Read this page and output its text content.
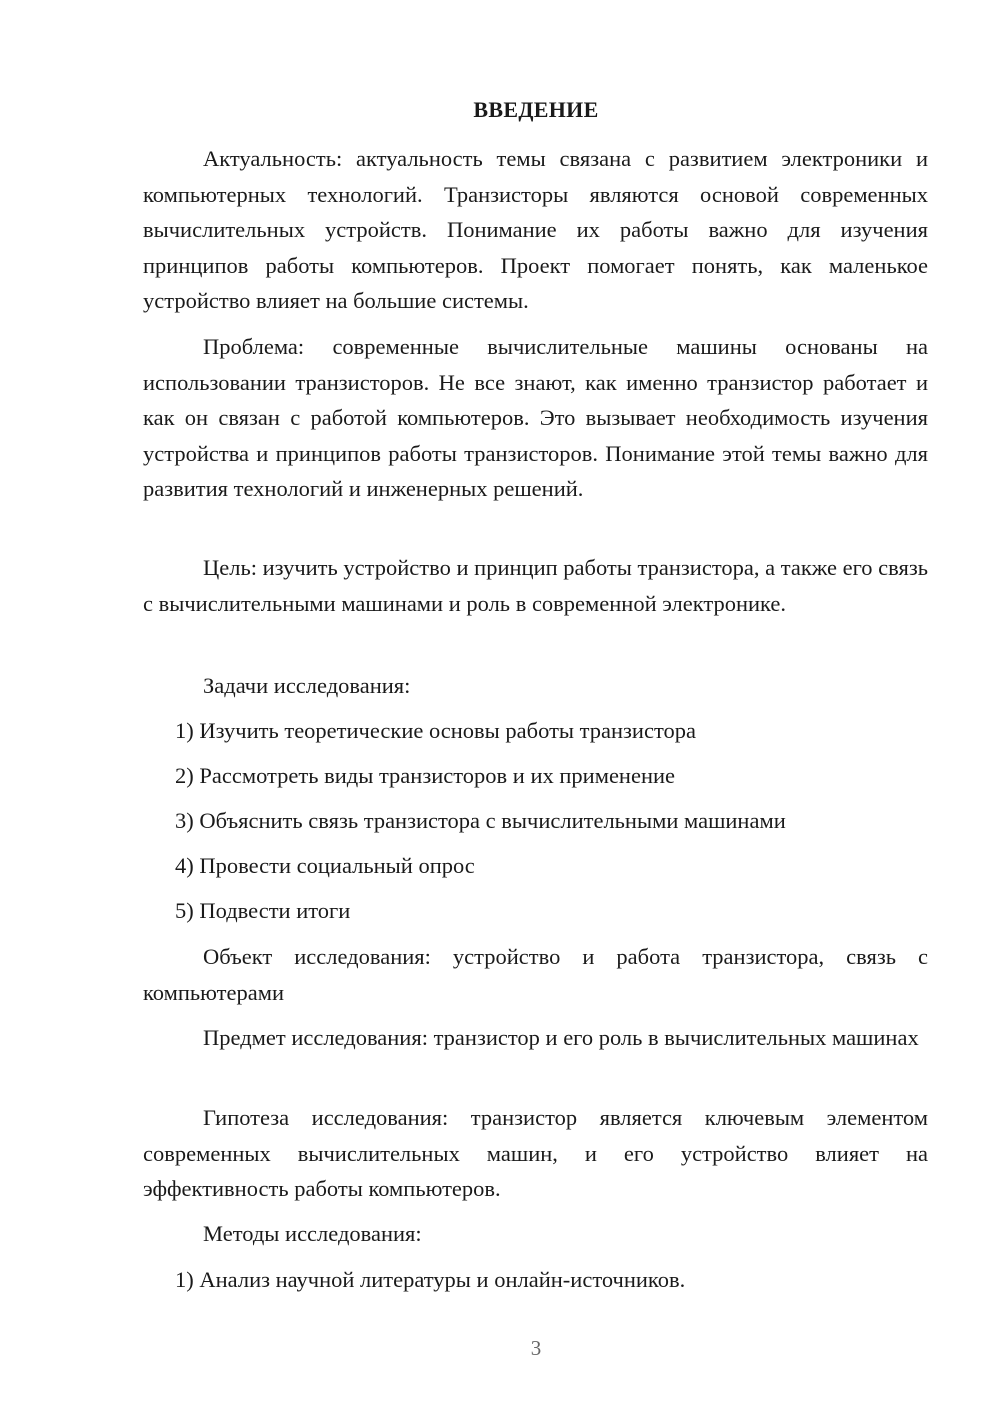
ВВЕДЕНИЕ

Актуальность: актуальность темы связана с развитием электроники и компьютерных технологий. Транзисторы являются основой современных вычислительных устройств. Понимание их работы важно для изучения принципов работы компьютеров. Проект помогает понять, как маленькое устройство влияет на большие системы.

Проблема: современные вычислительные машины основаны на использовании транзисторов. Не все знают, как именно транзистор работает и как он связан с работой компьютеров. Это вызывает необходимость изучения устройства и принципов работы транзисторов. Понимание этой темы важно для развития технологий и инженерных решений.

Цель: изучить устройство и принцип работы транзистора, а также его связь с вычислительными машинами и роль в современной электронике.

Задачи исследования:

1) Изучить теоретические основы работы транзистора

2) Рассмотреть виды транзисторов и их применение

3) Объяснить связь транзистора с вычислительными машинами

4) Провести социальный опрос

5) Подвести итоги

Объект исследования: устройство и работа транзистора, связь с компьютерами

Предмет исследования: транзистор и его роль в вычислительных машинах

Гипотеза исследования: транзистор является ключевым элементом современных вычислительных машин, и его устройство влияет на эффективность работы компьютеров.

Методы исследования:

1) Анализ научной литературы и онлайн-источников.

3
